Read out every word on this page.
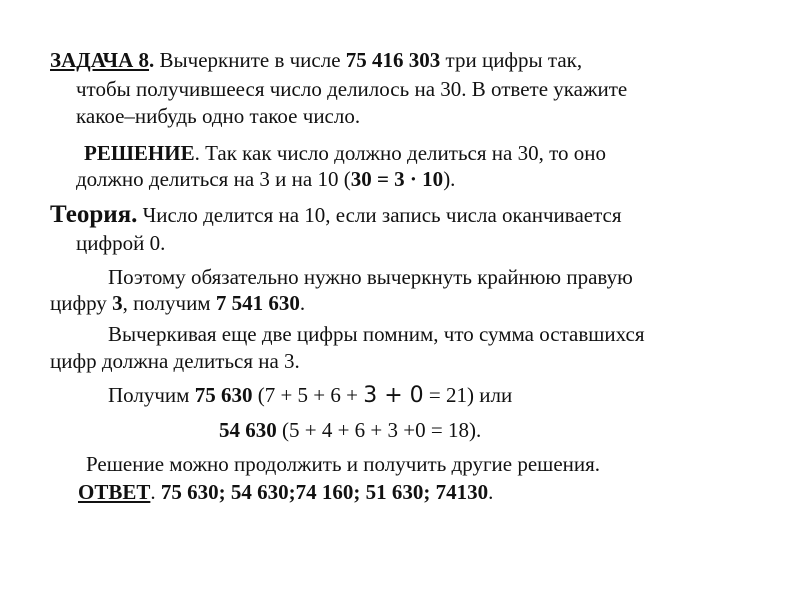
ЗАДАЧА 8. Вычеркните в числе 75 416 303 три цифры так,
чтобы получившееся число делилось на 30. В ответе укажите
какое–нибудь одно такое число.
РЕШЕНИЕ. Так как число должно делиться на 30, то оно
должно делиться на 3 и на 10 (30 = 3 · 10).
Теория. Число делится на 10, если запись числа оканчивается
цифрой 0.
Поэтому обязательно нужно вычеркнуть крайнюю правую
цифру 3, получим 7 541 630.
Вычеркивая еще две цифры помним, что сумма оставшихся
цифр должна делиться на 3.
Получим 75 630 (7 + 5 + 6 + 3 + 0 = 21) или
54 630 (5 + 4 + 6 + 3 +0 = 18).
Решение можно продолжить и получить другие решения.
ОТВЕТ. 75 630; 54 630;74 160; 51 630; 74130.
